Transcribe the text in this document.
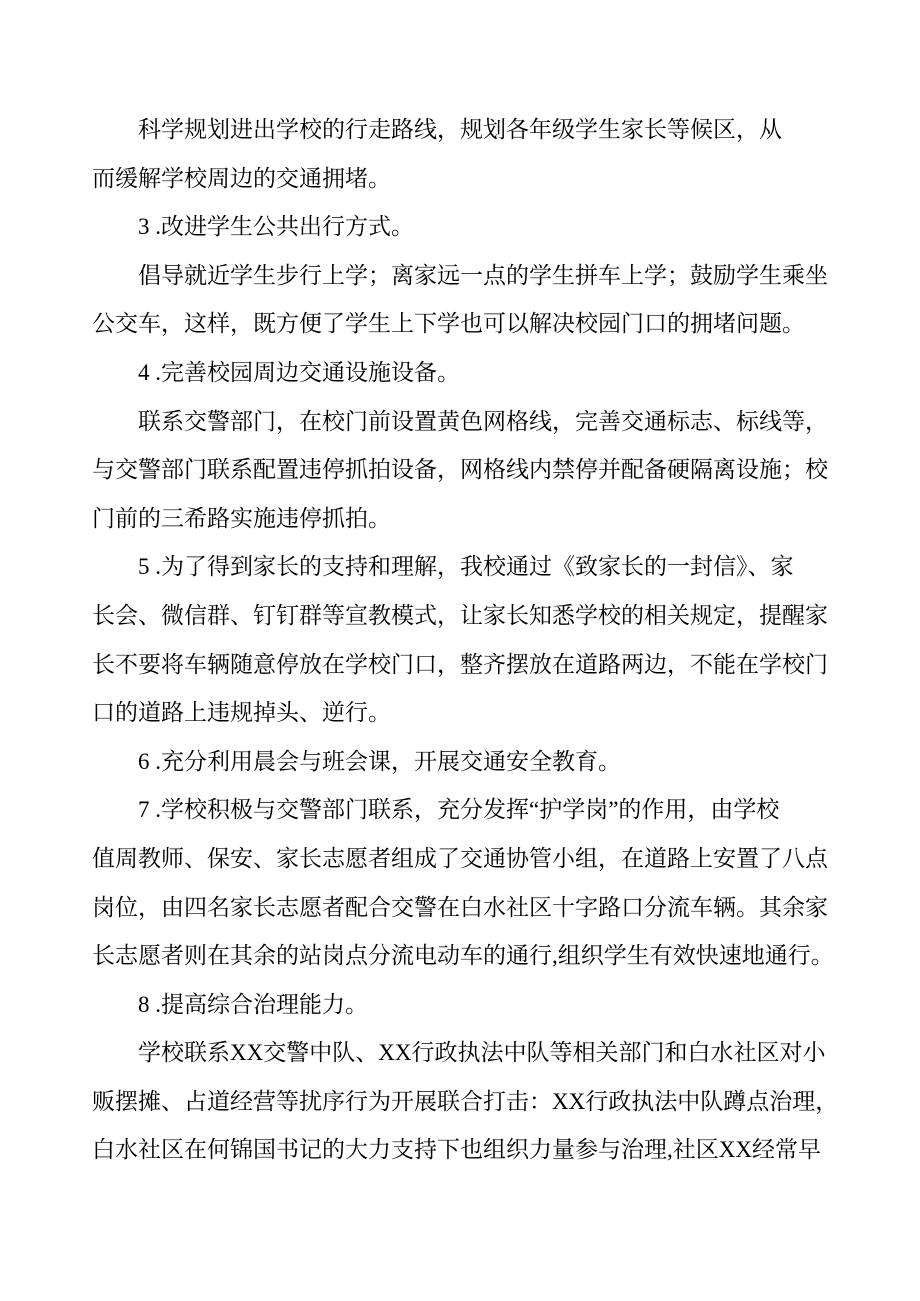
科学规划进出学校的行走路线，规划各年级学生家长等候区，从
而缓解学校周边的交通拥堵。
3 .改进学生公共出行方式。
倡导就近学生步行上学；离家远一点的学生拼车上学；鼓励学生乘坐
公交车，这样，既方便了学生上下学也可以解决校园门口的拥堵问题。
4 .完善校园周边交通设施设备。
联系交警部门，在校门前设置黄色网格线，完善交通标志、标线等，
与交警部门联系配置违停抓拍设备，网格线内禁停并配备硬隔离设施；校
门前的三希路实施违停抓拍。
5 .为了得到家长的支持和理解，我校通过《致家长的一封信》、家
长会、微信群、钉钉群等宣教模式，让家长知悉学校的相关规定，提醒家
长不要将车辆随意停放在学校门口，整齐摆放在道路两边，不能在学校门
口的道路上违规掉头、逆行。
6 .充分利用晨会与班会课，开展交通安全教育。
7 .学校积极与交警部门联系，充分发挥“护学岗”的作用，由学校
值周教师、保安、家长志愿者组成了交通协管小组，在道路上安置了八点
岗位，由四名家长志愿者配合交警在白水社区十字路口分流车辆。其余家
长志愿者则在其余的站岗点分流电动车的通行,组织学生有效快速地通行。
8 .提高综合治理能力。
学校联系XX交警中队、XX行政执法中队等相关部门和白水社区对小
贩摆摊、占道经营等扰序行为开展联合打击：XX行政执法中队蹲点治理，
白水社区在何锦国书记的大力支持下也组织力量参与治理,社区XX经常早
